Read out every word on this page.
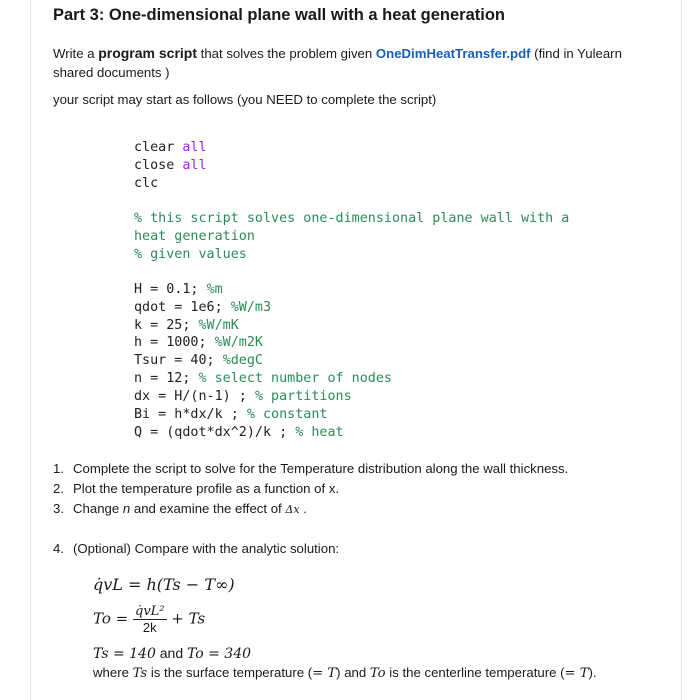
Part 3: One-dimensional plane wall with a heat generation
Write a program script that solves the problem given OneDimHeatTransfer.pdf (find in Yulearn shared documents )
your script may start as follows (you NEED to complete the script)
clear all
close all
clc
% this script solves one-dimensional plane wall with a
heat generation
% given values
H = 0.1; %m
qdot = 1e6; %W/m3
k = 25; %W/mK
h = 1000; %W/m2K
Tsur = 40; %degC
n = 12; % select number of nodes
dx = H/(n-1) ; % partitions
Bi = h*dx/k ; % constant
Q = (qdot*dx^2)/k ; % heat
1. Complete the script to solve for the Temperature distribution along the wall thickness.
2. Plot the temperature profile as a function of x.
3. Change n and examine the effect of Δx .
4. (Optional) Compare with the analytic solution:
q̇vL = h(Ts − T∞)
$To = \frac{\text{q̇vL²}}{2k} + Ts$
Ts = 140 and To = 340
where Ts is the surface temperature (= T) and To is the centerline temperature (= T).
